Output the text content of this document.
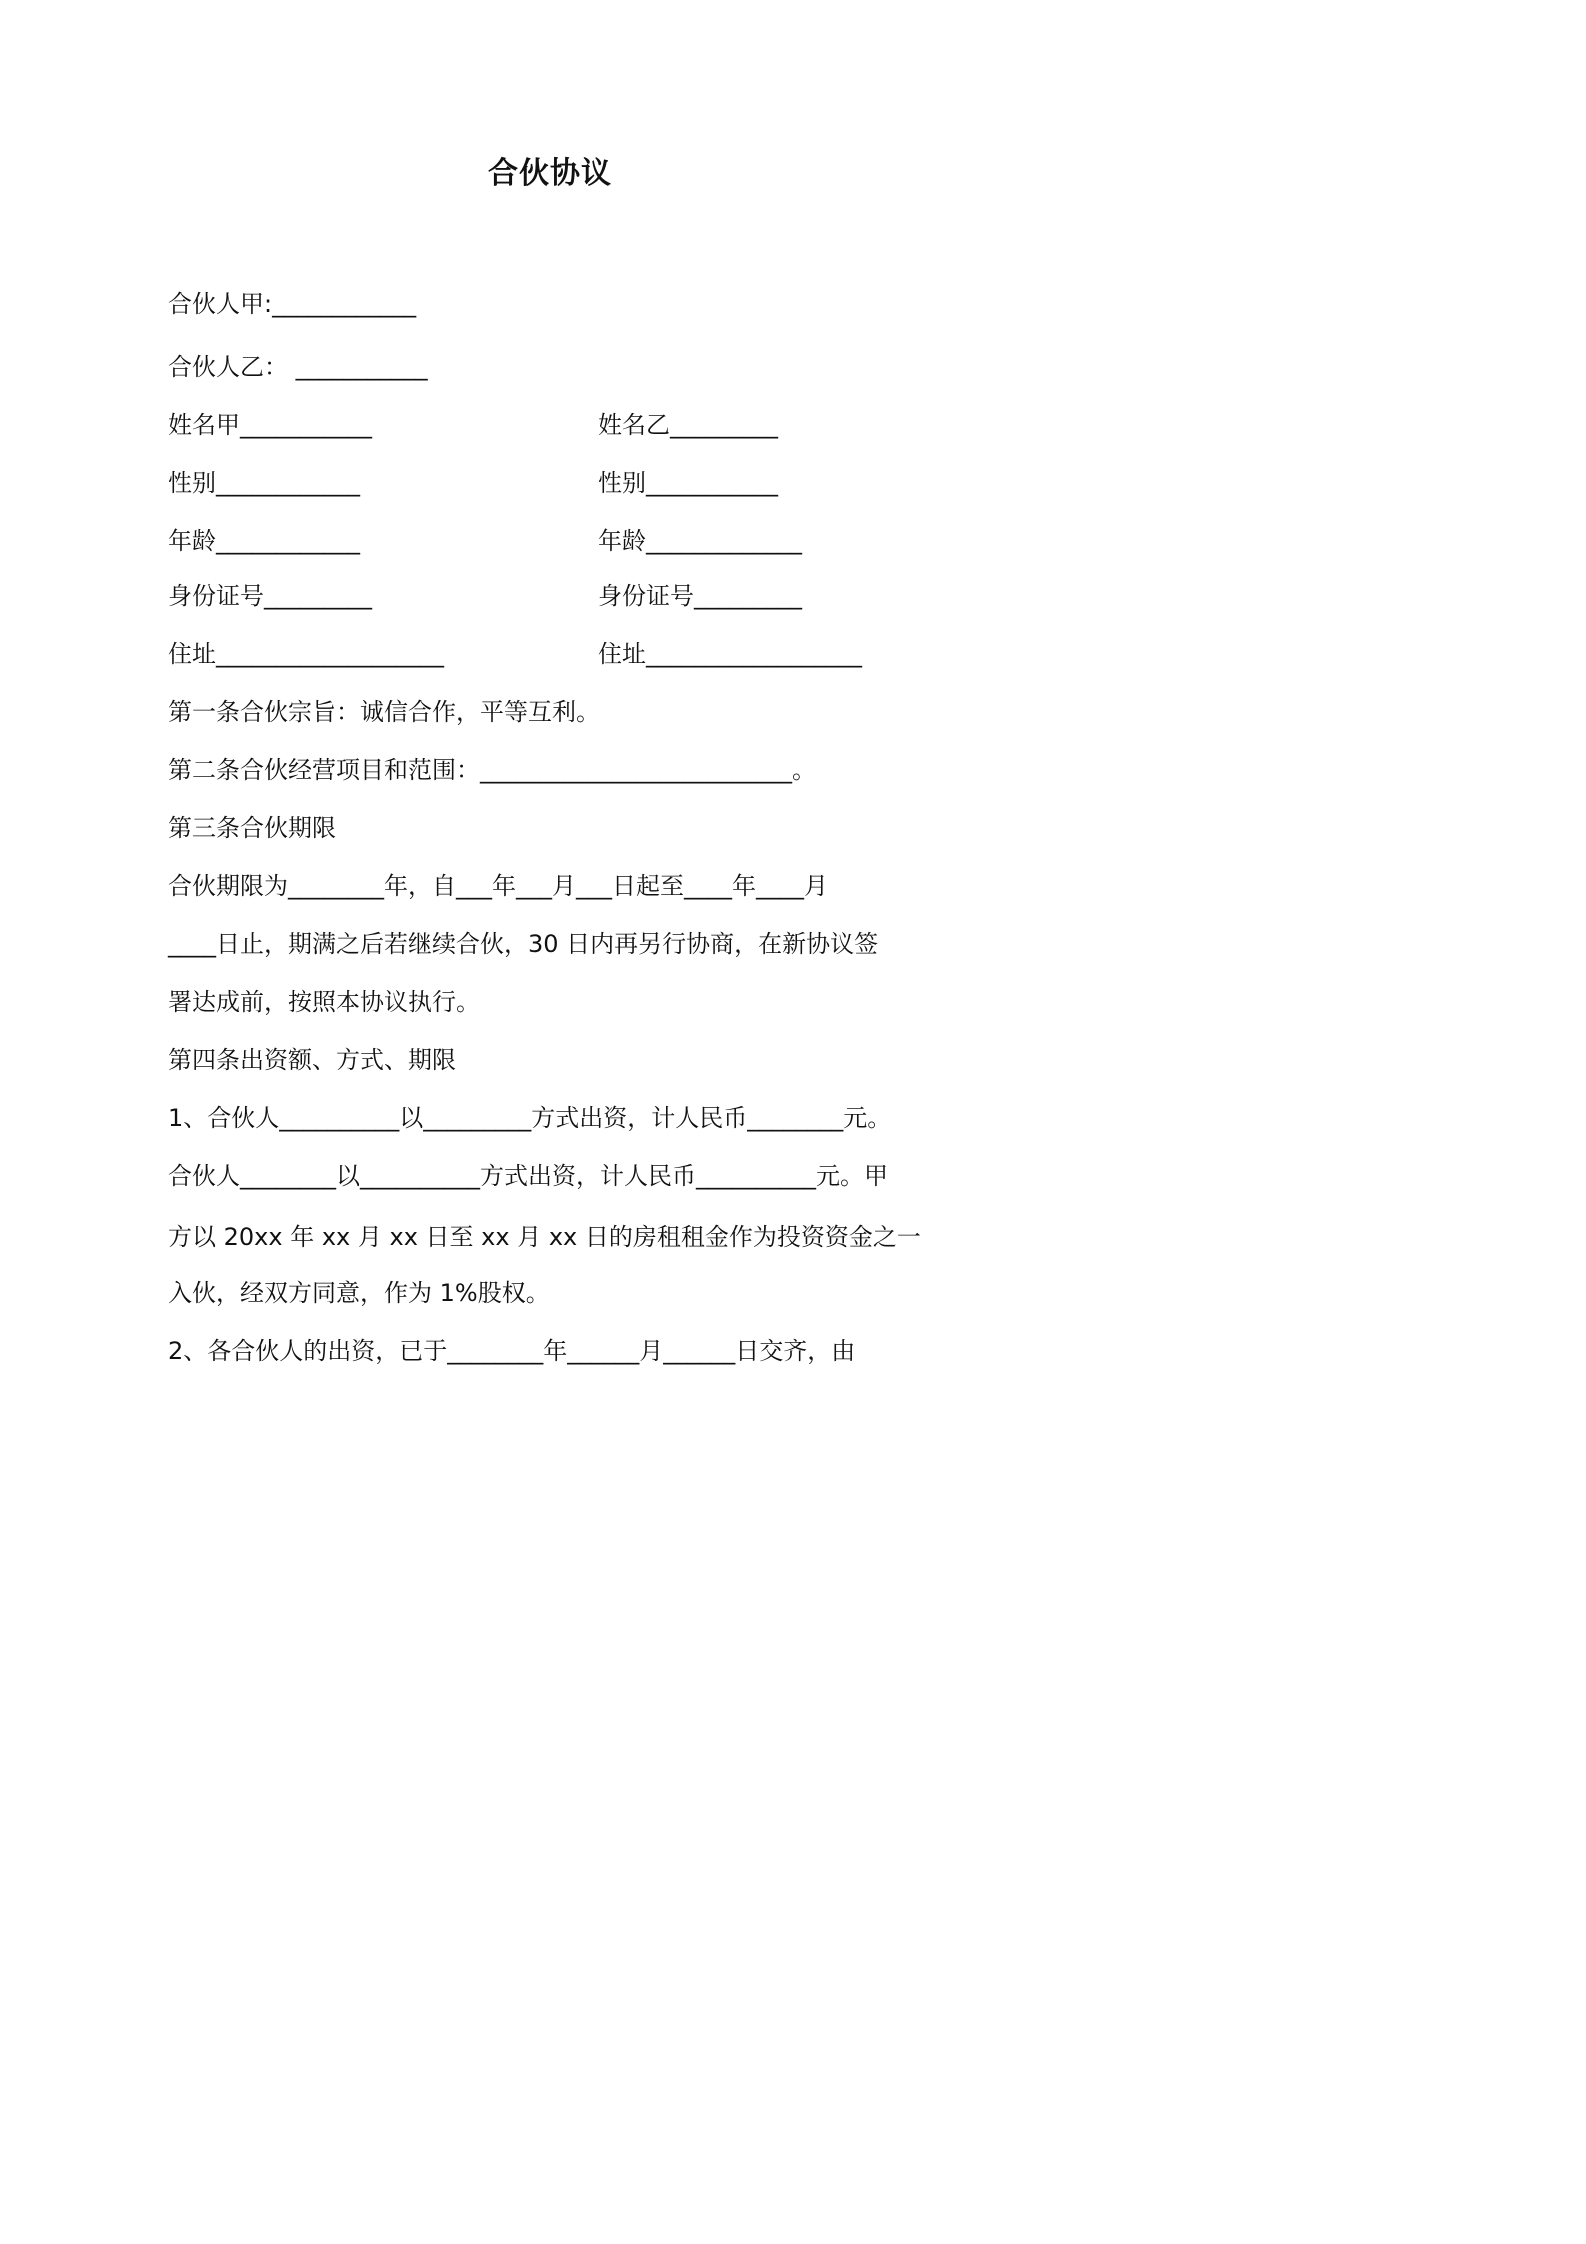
合伙协议

合伙人甲:____________

合伙人乙： ___________

姓名甲___________	姓名乙_________

性别____________	性别___________

年龄____________	年龄_____________

身份证号_________	身份证号_________

住址___________________	住址__________________

第一条合伙宗旨：诚信合作，平等互利。

第二条合伙经营项目和范围：__________________________。

第三条合伙期限

合伙期限为________年，自___年___月___日起至____年____月

____日止，期满之后若继续合伙，30 日内再另行协商，在新协议签

署达成前，按照本协议执行。

第四条出资额、方式、期限

1、合伙人__________以_________方式出资，计人民币________元。

合伙人________以__________方式出资，计人民币__________元。甲

方以 20xx 年 xx 月 xx 日至 xx 月 xx 日的房租租金作为投资资金之一

入伙，经双方同意，作为 1%股权。

2、各合伙人的出资，已于________年______月______日交齐，由
